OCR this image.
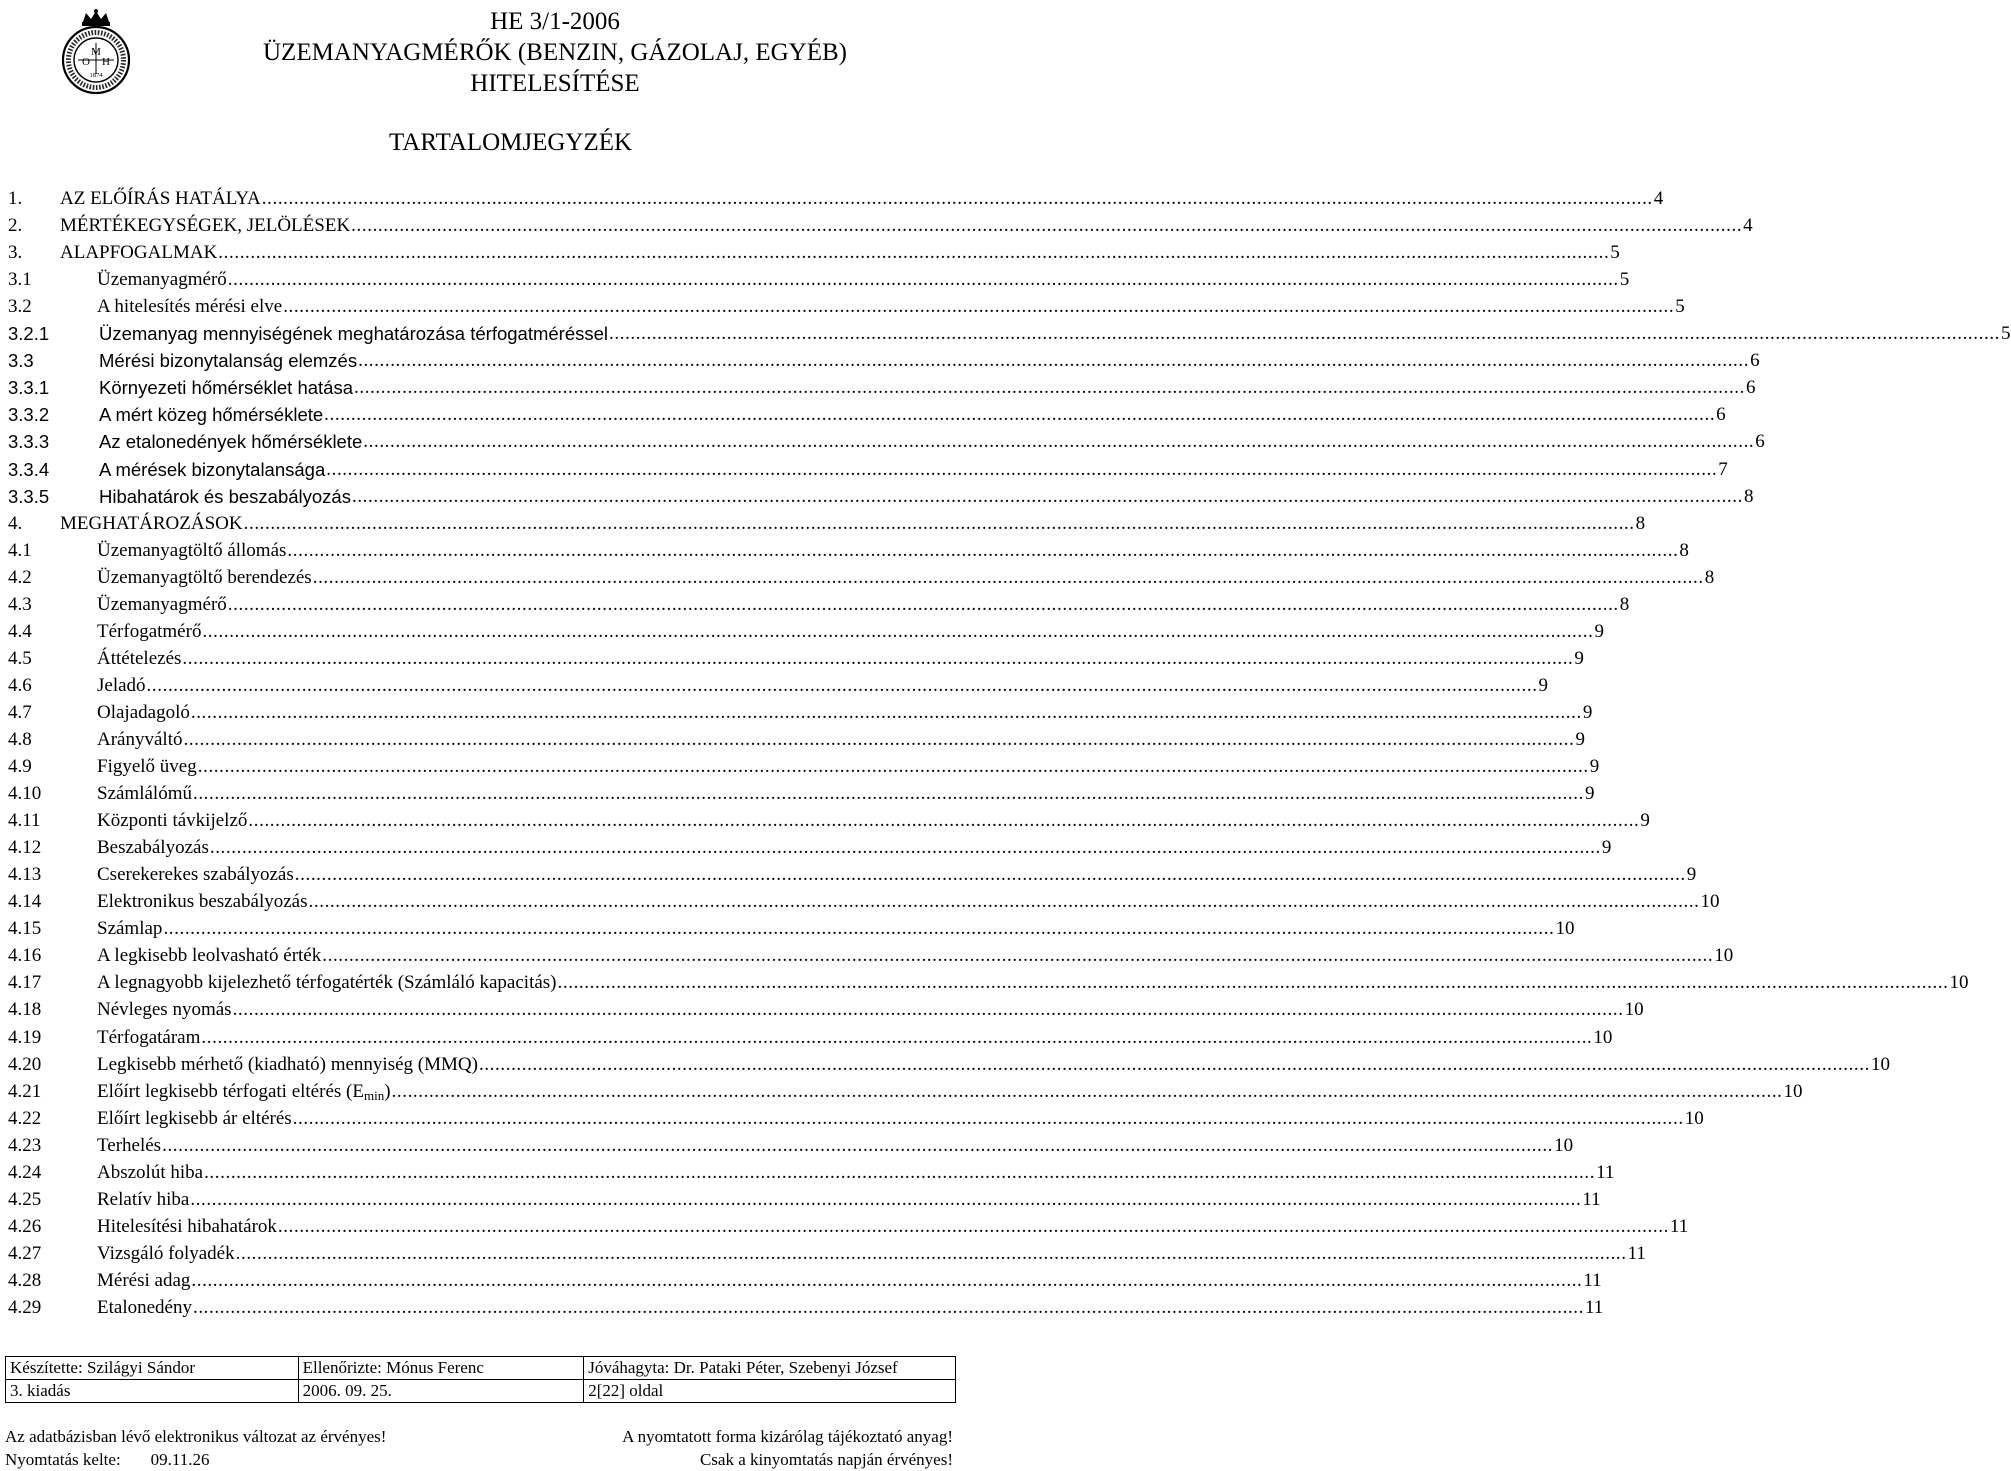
M
O H
1874
HE 3/1-2006
ÜZEMANYAGMÉRŐK (BENZIN, GÁZOLAJ, EGYÉB)
HITELESÍTÉSE
TARTALOMJEGYZÉK
1.	AZ ELŐÍRÁS HATÁLYA .................................................................................................................................................................................................................................................................... 4
2.	MÉRTÉKEGYSÉGEK, JELÖLÉSEK .................................................................................................................................................................................................................................................................... 4
3.	ALAPFOGALMAK .................................................................................................................................................................................................................................................................... 5
3.1	Üzemanyagmérő .................................................................................................................................................................................................................................................................... 5
3.2	A hitelesítés mérési elve .................................................................................................................................................................................................................................................................... 5
3.2.1	Üzemanyag mennyiségének meghatározása térfogatméréssel .................................................................................................................................................................................................................................................................... 5
3.3	Mérési bizonytalanság elemzés .................................................................................................................................................................................................................................................................... 6
3.3.1	Környezeti hőmérséklet hatása .................................................................................................................................................................................................................................................................... 6
3.3.2	A mért közeg hőmérséklete .................................................................................................................................................................................................................................................................... 6
3.3.3	Az etalonedények hőmérséklete .................................................................................................................................................................................................................................................................... 6
3.3.4	A mérések bizonytalansága .................................................................................................................................................................................................................................................................... 7
3.3.5	Hibahatárok és beszabályozás .................................................................................................................................................................................................................................................................... 8
4.	MEGHATÁROZÁSOK .................................................................................................................................................................................................................................................................... 8
4.1	Üzemanyagtöltő állomás .................................................................................................................................................................................................................................................................... 8
4.2	Üzemanyagtöltő berendezés .................................................................................................................................................................................................................................................................... 8
4.3	Üzemanyagmérő .................................................................................................................................................................................................................................................................... 8
4.4	Térfogatmérő .................................................................................................................................................................................................................................................................... 9
4.5	Áttételezés .................................................................................................................................................................................................................................................................... 9
4.6	Jeladó .................................................................................................................................................................................................................................................................... 9
4.7	Olajadagoló .................................................................................................................................................................................................................................................................... 9
4.8	Arányváltó .................................................................................................................................................................................................................................................................... 9
4.9	Figyelő üveg .................................................................................................................................................................................................................................................................... 9
4.10	Számlálómű .................................................................................................................................................................................................................................................................... 9
4.11	Központi távkijelző .................................................................................................................................................................................................................................................................... 9
4.12	Beszabályozás .................................................................................................................................................................................................................................................................... 9
4.13	Cserekerekes szabályozás .................................................................................................................................................................................................................................................................... 9
4.14	Elektronikus beszabályozás .................................................................................................................................................................................................................................................................... 10
4.15	Számlap .................................................................................................................................................................................................................................................................... 10
4.16	A legkisebb leolvasható érték .................................................................................................................................................................................................................................................................... 10
4.17	A legnagyobb kijelezhető térfogatérték (Számláló kapacitás) .................................................................................................................................................................................................................................................................... 10
4.18	Névleges nyomás .................................................................................................................................................................................................................................................................... 10
4.19	Térfogatáram .................................................................................................................................................................................................................................................................... 10
4.20	Legkisebb mérhető (kiadható) mennyiség (MMQ) .................................................................................................................................................................................................................................................................... 10
4.21	Előírt legkisebb térfogati eltérés $(E_{min})$ .................................................................................................................................................................................................................................................................... 10
4.22	Előírt legkisebb ár eltérés .................................................................................................................................................................................................................................................................... 10
4.23	Terhelés .................................................................................................................................................................................................................................................................... 10
4.24	Abszolút hiba .................................................................................................................................................................................................................................................................... 11
4.25	Relatív hiba .................................................................................................................................................................................................................................................................... 11
4.26	Hitelesítési hibahatárok .................................................................................................................................................................................................................................................................... 11
4.27	Vizsgáló folyadék .................................................................................................................................................................................................................................................................... 11
4.28	Mérési adag .................................................................................................................................................................................................................................................................... 11
4.29	Etalonedény .................................................................................................................................................................................................................................................................... 11
Készítette: Szilágyi Sándor	Ellenőrizte: Mónus Ferenc	Jóváhagyta: Dr. Pataki Péter, Szebenyi József
3. kiadás	2006. 09. 25.	2[22] oldal
Az adatbázisban lévő elektronikus változat az érvényes!
Nyomtatás kelte: 09.11.26
A nyomtatott forma kizárólag tájékoztató anyag!
Csak a kinyomtatás napján érvényes!
